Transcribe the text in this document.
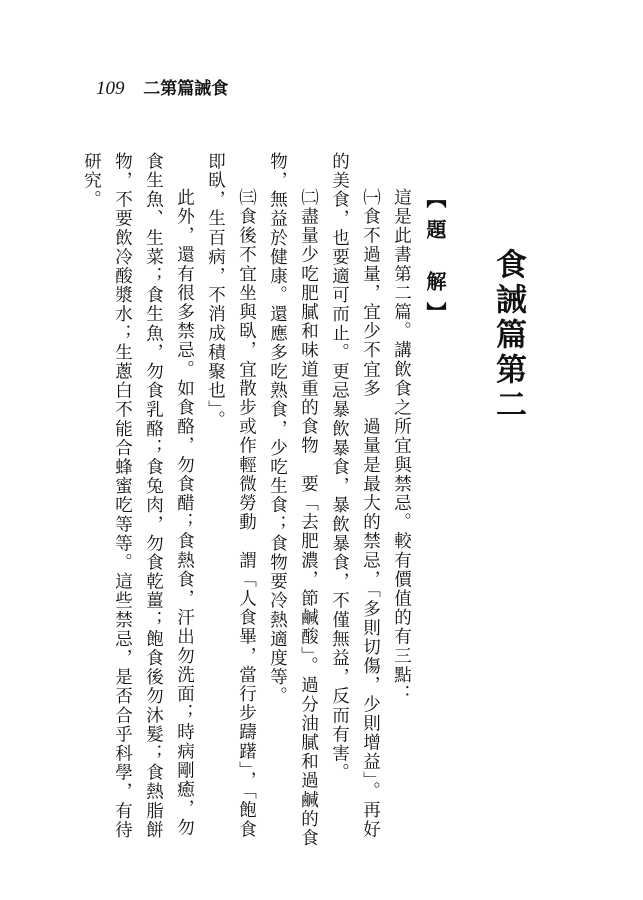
109 二第篇誡食
食誡篇第二
【 題  解 】
這是此書第二篇。講飲食之所宜與禁忌。較有價值的有三點：
㈠食不過量，宜少不宜多　過量是最大的禁忌，「多則切傷，少則增益」。再好
的美食，也要適可而止。更忌暴飲暴食，暴飲暴食，不僅無益，反而有害。
㈡盡量少吃肥膩和味道重的食物　要「去肥濃，節鹹酸」。過分油膩和過鹹的食
物，無益於健康。還應多吃熟食，少吃生食；食物要冷熱適度等。
㈢食後不宜坐與臥，宜散步或作輕微勞動　謂「人食畢，當行步躊躇」，「飽食
即臥，生百病，不消成積聚也」。
此外，還有很多禁忌。如食酪，勿食醋；食熱食，汗出勿洗面；時病剛癒，勿
食生魚、生菜；食生魚，勿食乳酪；食兔肉，勿食乾薑；飽食後勿沐髮；食熱脂餅
物，不要飲冷酸漿水；生蔥白不能合蜂蜜吃等等。這些禁忌，是否合乎科學，有待
研究。
